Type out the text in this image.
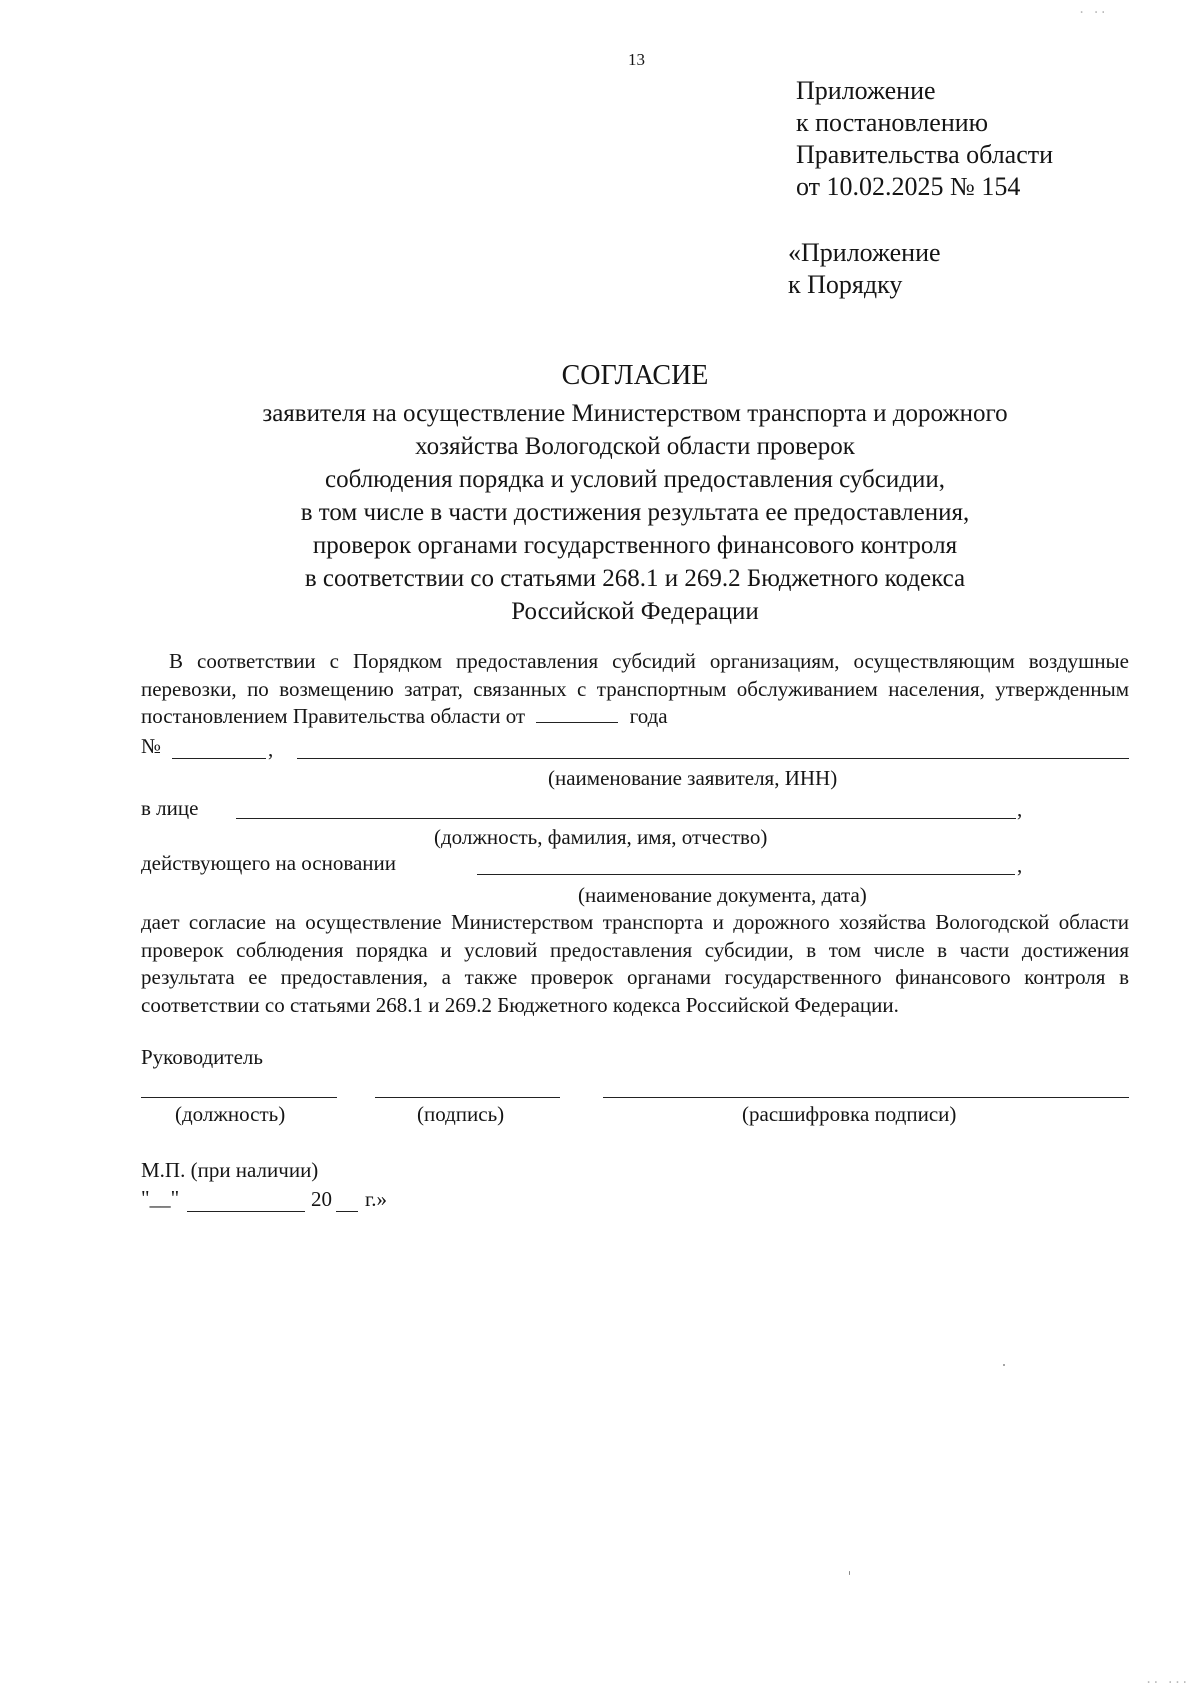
13
Приложение
к постановлению
Правительства области
от 10.02.2025 № 154
«Приложение
к Порядку
СОГЛАСИЕ
заявителя на осуществление Министерством транспорта и дорожного
хозяйства Вологодской области проверок
соблюдения порядка и условий предоставления субсидии,
в том числе в части достижения результата ее предоставления,
проверок органами государственного финансового контроля
в соответствии со статьями 268.1 и 269.2 Бюджетного кодекса
Российской Федерации
В соответствии с Порядком предоставления субсидий организациям, осуществляющим воздушные перевозки, по возмещению затрат, связанных с транспортным обслуживанием населения, утвержденным постановлением Правительства области от	года
№	,
(наименование заявителя, ИНН)
в лице	,
(должность, фамилия, имя, отчество)
действующего на основании	,
(наименование документа, дата)
дает согласие на осуществление Министерством транспорта и дорожного хозяйства Вологодской области проверок соблюдения порядка и условий предоставления субсидии, в том числе в части достижения результата ее предоставления, а также проверок органами государственного финансового контроля в соответствии со статьями 268.1 и 269.2 Бюджетного кодекса Российской Федерации.
Руководитель
(должность)	(подпись)	(расшифровка подписи)
М.П. (при наличии)
"__"	20 г.»
. ..
.. ...
